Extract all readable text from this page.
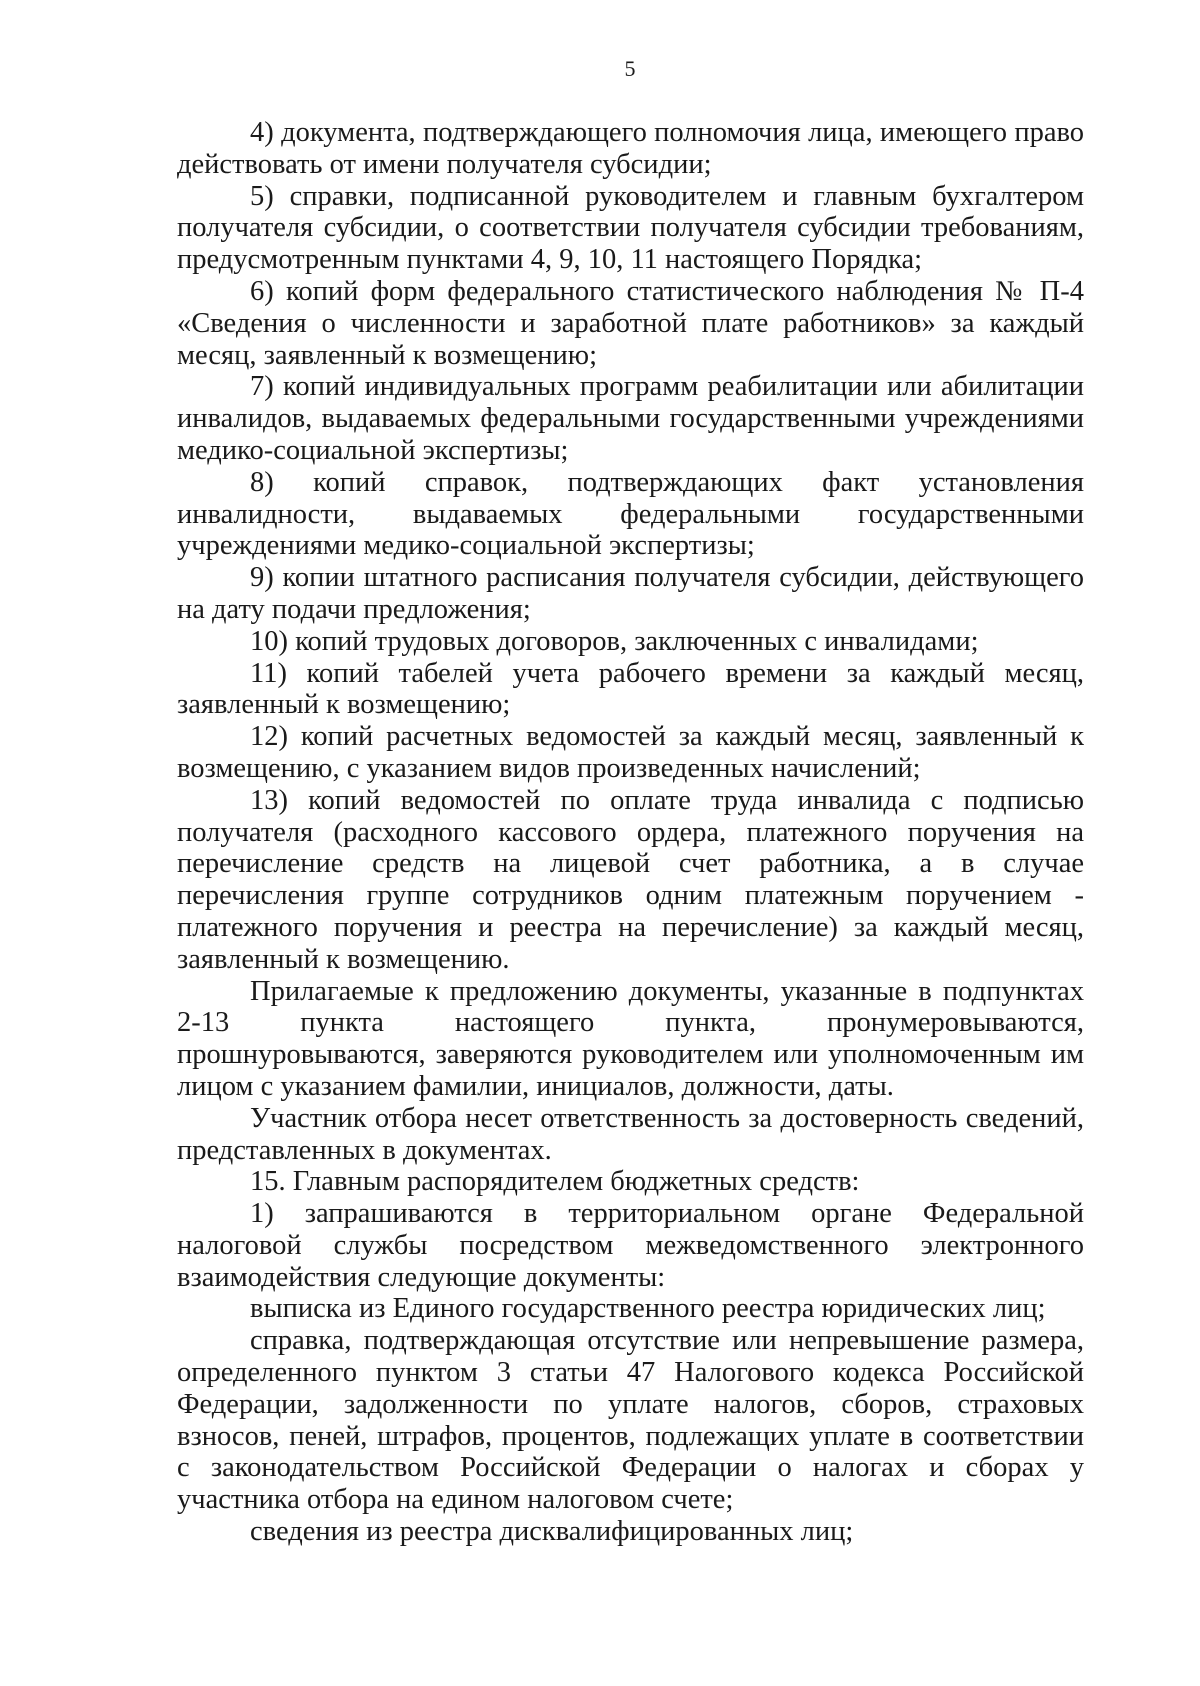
5

4) документа, подтверждающего полномочия лица, имеющего право действовать от имени получателя субсидии;

5) справки, подписанной руководителем и главным бухгалтером получателя субсидии, о соответствии получателя субсидии требованиям, предусмотренным пунктами 4, 9, 10, 11 настоящего Порядка;

6) копий форм федерального статистического наблюдения № П-4 «Сведения о численности и заработной плате работников» за каждый месяц, заявленный к возмещению;

7) копий индивидуальных программ реабилитации или абилитации инвалидов, выдаваемых федеральными государственными учреждениями медико-социальной экспертизы;

8) копий справок, подтверждающих факт установления инвалидности, выдаваемых федеральными государственными учреждениями медико-социальной экспертизы;

9) копии штатного расписания получателя субсидии, действующего на дату подачи предложения;

10) копий трудовых договоров, заключенных с инвалидами;

11) копий табелей учета рабочего времени за каждый месяц, заявленный к возмещению;

12) копий расчетных ведомостей за каждый месяц, заявленный к возмещению, с указанием видов произведенных начислений;

13) копий ведомостей по оплате труда инвалида с подписью получателя (расходного кассового ордера, платежного поручения на перечисление средств на лицевой счет работника, а в случае перечисления группе сотрудников одним платежным поручением - платежного поручения и реестра на перечисление) за каждый месяц, заявленный к возмещению.

Прилагаемые к предложению документы, указанные в подпунктах 2-13 пункта настоящего пункта, пронумеровываются, прошнуровываются, заверяются руководителем или уполномоченным им лицом с указанием фамилии, инициалов, должности, даты.

Участник отбора несет ответственность за достоверность сведений, представленных в документах.

15. Главным распорядителем бюджетных средств:

1) запрашиваются в территориальном органе Федеральной налоговой службы посредством межведомственного электронного взаимодействия следующие документы:

выписка из Единого государственного реестра юридических лиц;

справка, подтверждающая отсутствие или непревышение размера, определенного пунктом 3 статьи 47 Налогового кодекса Российской Федерации, задолженности по уплате налогов, сборов, страховых взносов, пеней, штрафов, процентов, подлежащих уплате в соответствии с законодательством Российской Федерации о налогах и сборах у участника отбора на едином налоговом счете;

сведения из реестра дисквалифицированных лиц;
